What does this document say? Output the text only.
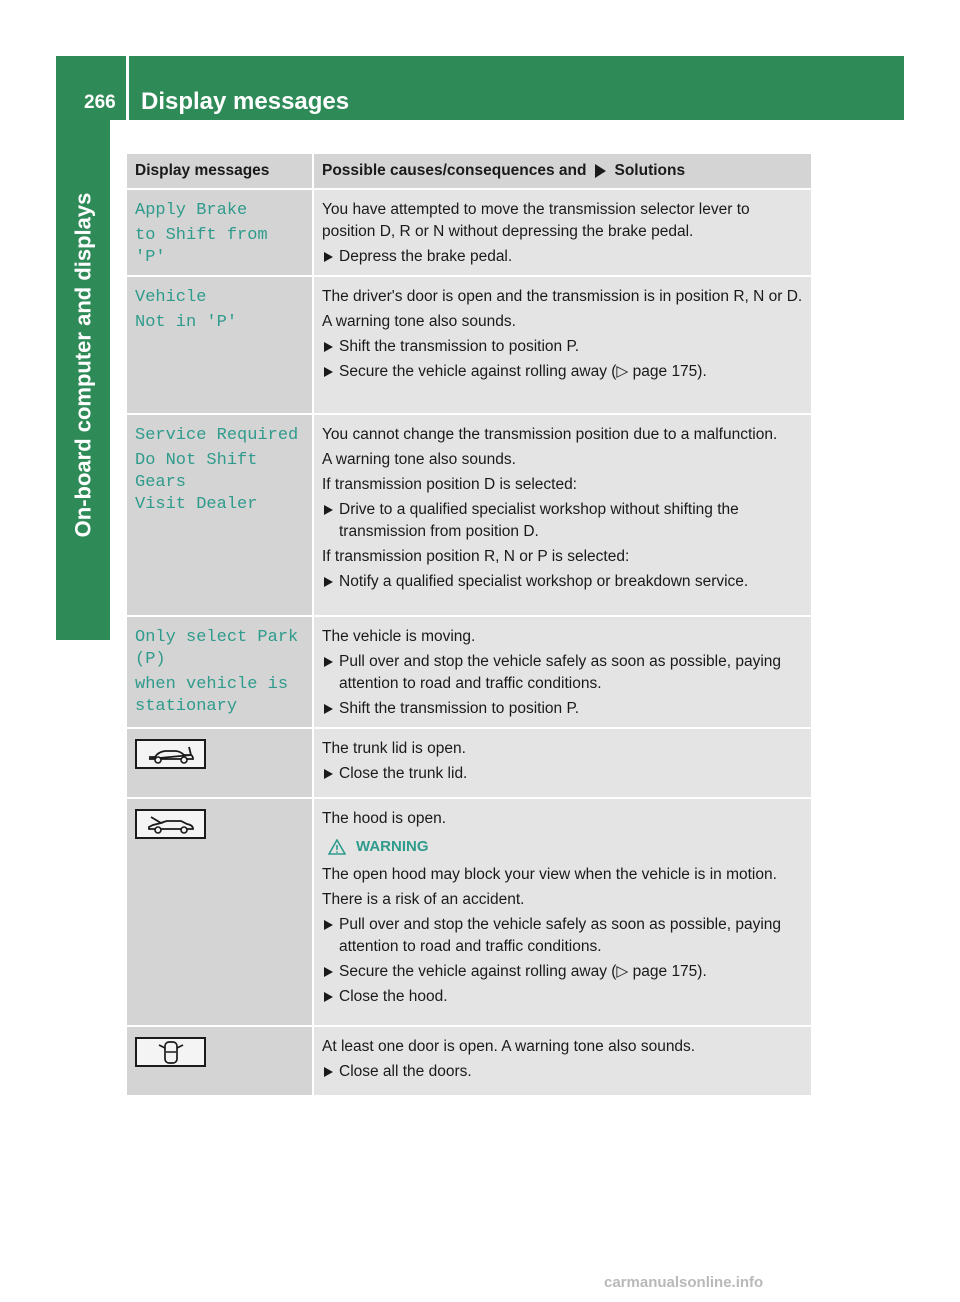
266 Display messages
On-board computer and displays
Display messages	Possible causes/consequences and Solutions
Apply Brake
to Shift from 'P'
You have attempted to move the transmission selector lever to position D, R or N without depressing the brake pedal.
Depress the brake pedal.
Vehicle
Not in 'P'
The driver's door is open and the transmission is in position R, N or D.
A warning tone also sounds.
Shift the transmission to position P.
Secure the vehicle against rolling away (▷ page 175).
Service Required
Do Not Shift Gears
Visit Dealer
You cannot change the transmission position due to a malfunction.
A warning tone also sounds.
If transmission position D is selected:
Drive to a qualified specialist workshop without shifting the transmission from position D.
If transmission position R, N or P is selected:
Notify a qualified specialist workshop or breakdown service.
Only select Park
(P)
when vehicle is
stationary
The vehicle is moving.
Pull over and stop the vehicle safely as soon as possible, paying attention to road and traffic conditions.
Shift the transmission to position P.
The trunk lid is open.
Close the trunk lid.
The hood is open.
WARNING
The open hood may block your view when the vehicle is in motion.
There is a risk of an accident.
Pull over and stop the vehicle safely as soon as possible, paying attention to road and traffic conditions.
Secure the vehicle against rolling away (▷ page 175).
Close the hood.
At least one door is open. A warning tone also sounds.
Close all the doors.
carmanualsonline.info
